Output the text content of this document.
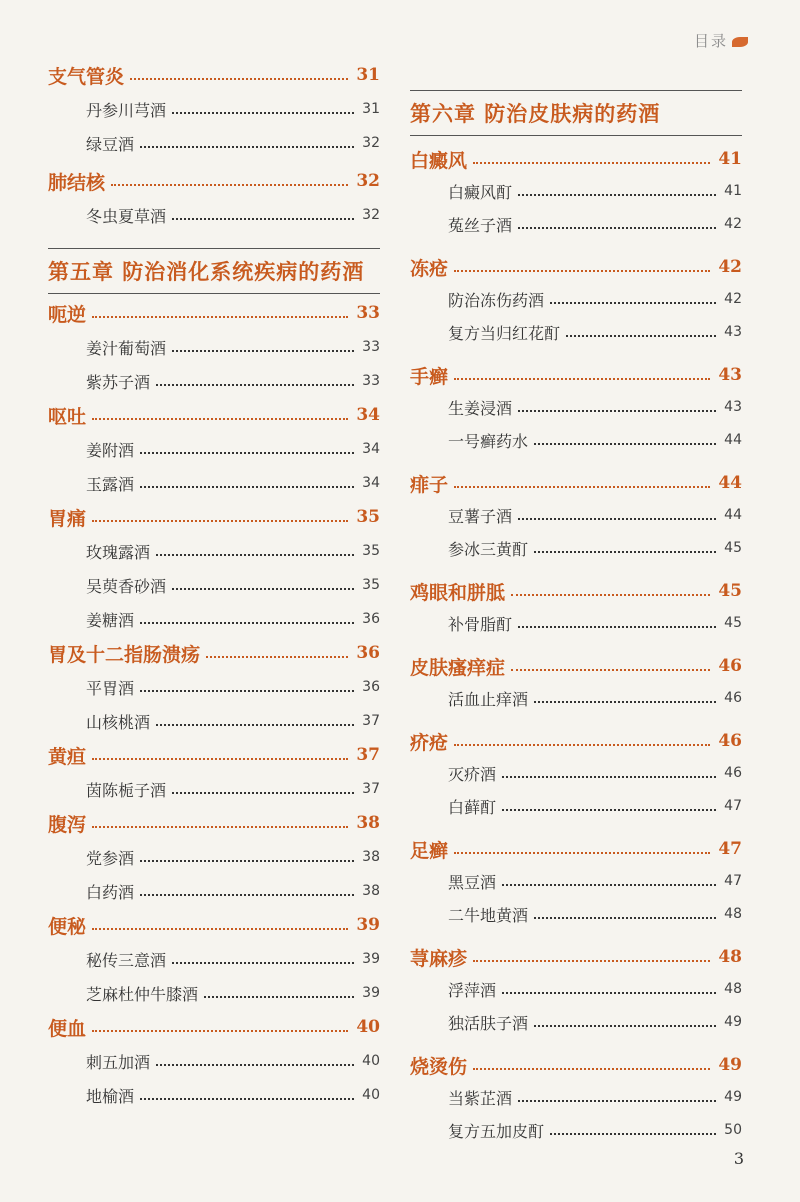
目录
支气管炎	31
丹参川芎酒	31
绿豆酒	32
肺结核	32
冬虫夏草酒	32
第五章 防治消化系统疾病的药酒
呃逆	33
姜汁葡萄酒	33
紫苏子酒	33
呕吐	34
姜附酒	34
玉露酒	34
胃痛	35
玫瑰露酒	35
吴萸香砂酒	35
姜糖酒	36
胃及十二指肠溃疡	36
平胃酒	36
山核桃酒	37
黄疸	37
茵陈栀子酒	37
腹泻	38
党参酒	38
白药酒	38
便秘	39
秘传三意酒	39
芝麻杜仲牛膝酒	39
便血	40
刺五加酒	40
地榆酒	40
第六章 防治皮肤病的药酒
白癜风	41
白癜风酊	41
菟丝子酒	42
冻疮	42
防治冻伤药酒	42
复方当归红花酊	43
手癣	43
生姜浸酒	43
一号癣药水	44
痱子	44
豆薯子酒	44
参冰三黄酊	45
鸡眼和胼胝	45
补骨脂酊	45
皮肤瘙痒症	46
活血止痒酒	46
疥疮	46
灭疥酒	46
白藓酊	47
足癣	47
黑豆酒	47
二牛地黄酒	48
荨麻疹	48
浮萍酒	48
独活肤子酒	49
烧烫伤	49
当紫芷酒	49
复方五加皮酊	50
3
